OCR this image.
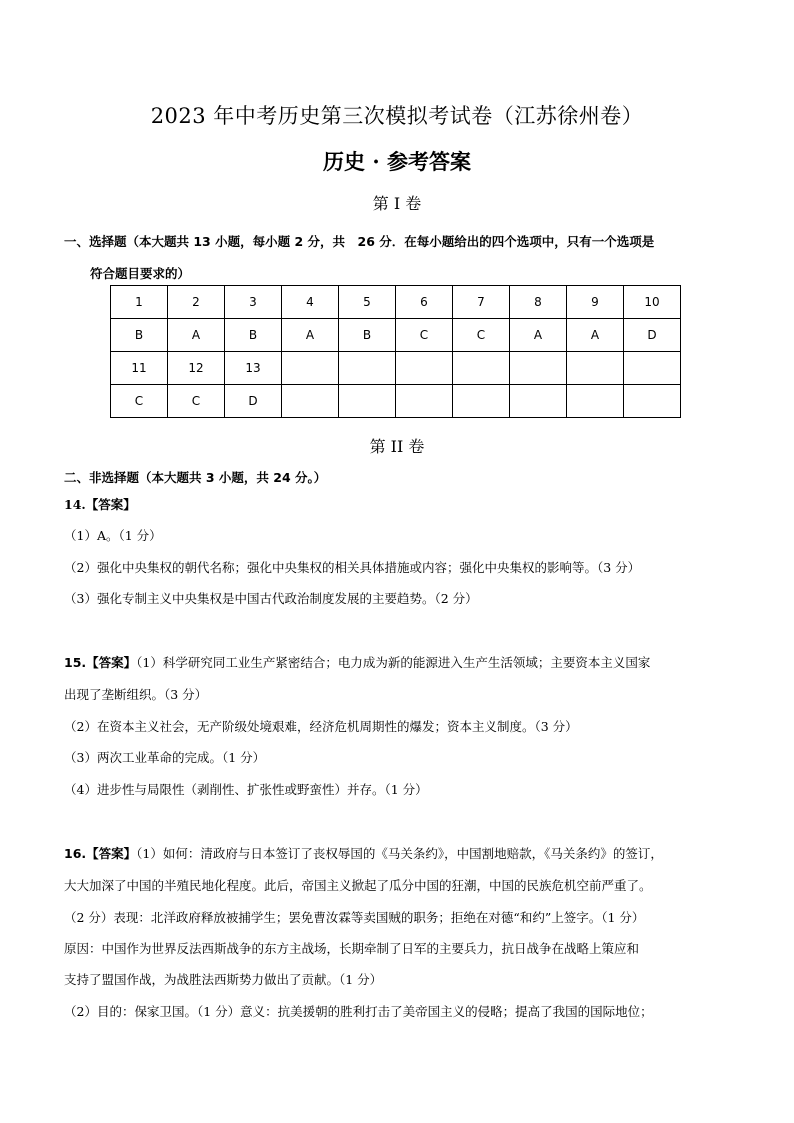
2023 年中考历史第三次模拟考试卷（江苏徐州卷）
历史 · 参考答案
第 I 卷
一、选择题（本大题共 13 小题，每小题 2 分，共　26 分．在每小题给出的四个选项中，只有一个选项是
符合题目要求的）
1	2	3	4	5	6	7	8	9	10
B	A	B	A	B	C	C	A	A	D
11	12	13							
C	C	D							
第 II 卷
二、非选择题（本大题共 3 小题，共 24 分。）
14.【答案】
（1）A。（1 分）
（2）强化中央集权的朝代名称；强化中央集权的相关具体措施或内容；强化中央集权的影响等。（3 分）
（3）强化专制主义中央集权是中国古代政治制度发展的主要趋势。（2 分）
15.【答案】（1）科学研究同工业生产紧密结合；电力成为新的能源进入生产生活领域；主要资本主义国家
出现了垄断组织。（3 分）
（2）在资本主义社会，无产阶级处境艰难，经济危机周期性的爆发；资本主义制度。（3 分）
（3）两次工业革命的完成。（1 分）
（4）进步性与局限性（剥削性、扩张性或野蛮性）并存。（1 分）
16.【答案】（1）如何：清政府与日本签订了丧权辱国的《马关条约》，中国割地赔款，《马关条约》的签订，
大大加深了中国的半殖民地化程度。此后，帝国主义掀起了瓜分中国的狂潮，中国的民族危机空前严重了。
（2 分）表现：北洋政府释放被捕学生；罢免曹汝霖等卖国贼的职务；拒绝在对德“和约”上签字。（1 分）
原因：中国作为世界反法西斯战争的东方主战场，长期牵制了日军的主要兵力，抗日战争在战略上策应和
支持了盟国作战，为战胜法西斯势力做出了贡献。（1 分）
（2）目的：保家卫国。（1 分）意义：抗美援朝的胜利打击了美帝国主义的侵略；提高了我国的国际地位；
